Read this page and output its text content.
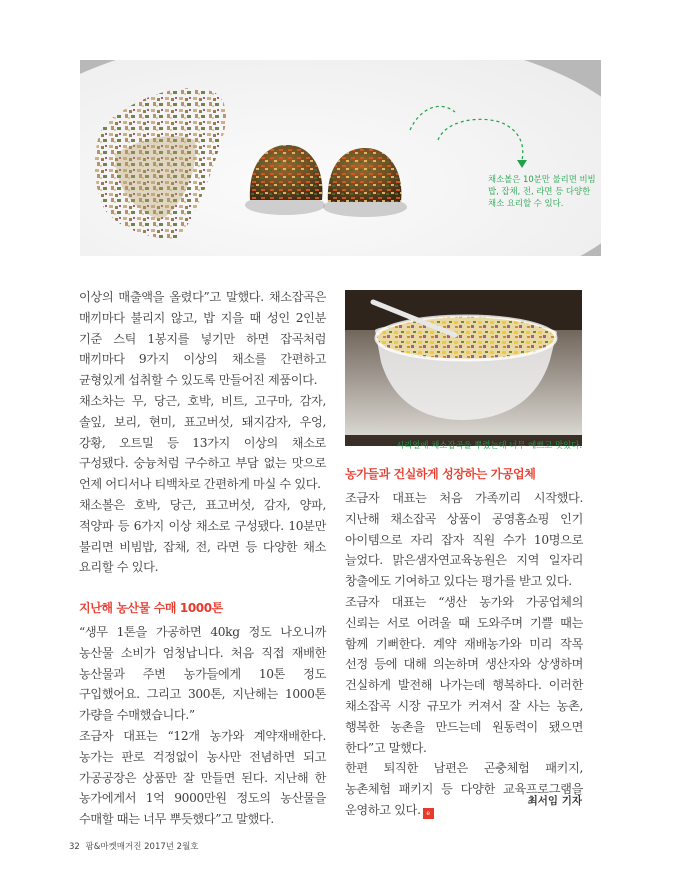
채소볼은 10분만 불리면 비빔밥, 잡채, 전, 라면 등 다양한 채소 요리할 수 있다.

이상의 매출액을 올렸다”고 말했다. 채소잡곡은 매끼마다 불리지 않고, 밥 지을 때 성인 2인분 기준 스틱 1봉지를 넣기만 하면 잡곡처럼 매끼마다 9가지 이상의 채소를 간편하고 균형있게 섭취할 수 있도록 만들어진 제품이다.

채소차는 무, 당근, 호박, 비트, 고구마, 감자, 솔잎, 보리, 현미, 표고버섯, 돼지감자, 우엉, 강황, 오트밀 등 13가지 이상의 채소로 구성됐다. 숭늉처럼 구수하고 부담 없는 맛으로 언제 어디서나 티백차로 간편하게 마실 수 있다.

채소볼은 호박, 당근, 표고버섯, 감자, 양파, 적양파 등 6가지 이상 채소로 구성됐다. 10분만 불리면 비빔밥, 잡채, 전, 라면 등 다양한 채소 요리할 수 있다.

지난해 농산물 수매 1000톤

“생무 1톤을 가공하면 40kg 정도 나오니까 농산물 소비가 엄청납니다. 처음 직접 재배한 농산물과 주변 농가들에게 10톤 정도 구입했어요. 그리고 300톤, 지난해는 1000톤 가량을 수매했습니다.”

조금자 대표는 “12개 농가와 계약재배한다. 농가는 판로 걱정없이 농사만 전념하면 되고 가공공장은 상품만 잘 만들면 된다. 지난해 한 농가에게서 1억 9000만원 정도의 농산물을 수매할 때는 너무 뿌듯했다”고 말했다.

시리얼에 채소잡곡을 뿌렸는데 너무 예쁘고 맛있다.
농가들과 건실하게 성장하는 가공업체

조금자 대표는 처음 가족끼리 시작했다. 지난해 채소잡곡 상품이 공영홈쇼핑 인기 아이템으로 자리 잡자 직원 수가 10명으로 늘었다. 맑은샘자연교육농원은 지역 일자리 창출에도 기여하고 있다는 평가를 받고 있다.

조금자 대표는 “생산 농가와 가공업체의 신뢰는 서로 어려울 때 도와주며 기쁠 때는 함께 기뻐한다. 계약 재배농가와 미리 작목 선정 등에 대해 의논하며 생산자와 상생하며 건실하게 발전해 나가는데 행복하다. 이러한 채소잡곡 시장 규모가 커져서 잘 사는 농촌, 행복한 농촌을 만드는데 원동력이 됐으면 한다”고 말했다.

한편 퇴직한 남편은 곤충체험 패키지, 농촌체험 패키지 등 다양한 교육프로그램을 운영하고 있다. e

최서임 기자
32 팜&마켓매거진 2017년 2월호
